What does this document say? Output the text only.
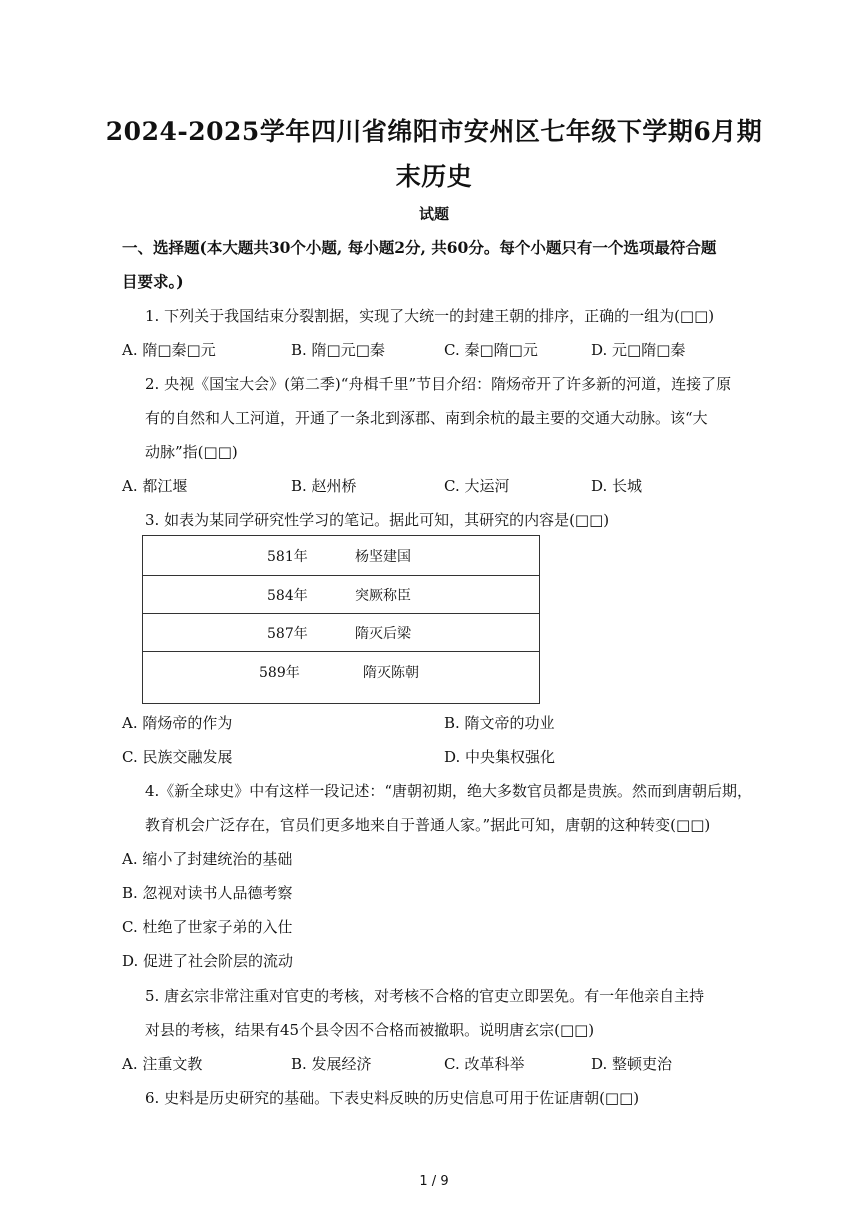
2024-2025学年四川省绵阳市安州区七年级下学期6月期
末历史
试题
一、选择题(本大题共30个小题, 每小题2分, 共60分。每个小题只有一个选项最符合题
目要求。)
1. 下列关于我国结束分裂割据，实现了大统一的封建王朝的排序，正确的一组为(□□)
A. 隋□秦□元	B. 隋□元□秦	C. 秦□隋□元	D. 元□隋□秦
2. 央视《国宝大会》(第二季)“舟楫千里”节目介绍：隋炀帝开了许多新的河道，连接了原
有的自然和人工河道，开通了一条北到涿郡、南到余杭的最主要的交通大动脉。该“大
动脉”指(□□)
A. 都江堰	B. 赵州桥	C. 大运河	D. 长城
3. 如表为某同学研究性学习的笔记。据此可知，其研究的内容是(□□)
581年	杨坚建国
584年	突厥称臣
587年	隋灭后梁
589年	隋灭陈朝
A. 隋炀帝的作为	B. 隋文帝的功业
C. 民族交融发展	D. 中央集权强化
4.《新全球史》中有这样一段记述：“唐朝初期，绝大多数官员都是贵族。然而到唐朝后期，
教育机会广泛存在，官员们更多地来自于普通人家。”据此可知，唐朝的这种转变(□□)
A. 缩小了封建统治的基础
B. 忽视对读书人品德考察
C. 杜绝了世家子弟的入仕
D. 促进了社会阶层的流动
5. 唐玄宗非常注重对官吏的考核，对考核不合格的官吏立即罢免。有一年他亲自主持
对县的考核，结果有45个县令因不合格而被撤职。说明唐玄宗(□□)
A. 注重文教	B. 发展经济	C. 改革科举	D. 整顿吏治
6. 史料是历史研究的基础。下表史料反映的历史信息可用于佐证唐朝(□□)
1 / 9
